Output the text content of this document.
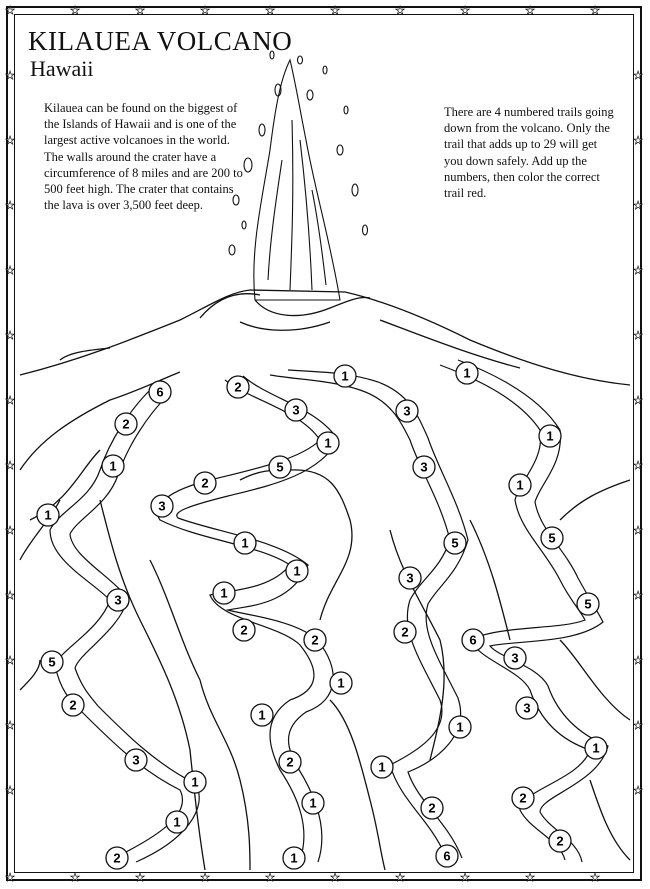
★
★
★
★
★
★
★
★
★
★
★
★
★
★
★
★
★
★
★
★
★	★
★	★
★	★
★	★
★	★
★	★
★	★
★	★
★	★
★	★
★	★
★	★
6
2
1
1
3
5
2
3
1
1
2
2
3
1
5
2
3
1
1
1
2
2
1
1
2
1
1
1
3
3
5
3
2
1
1
2
6
1
1
1
5
5
6
3
3
1
2
2
KILAUEA VOLCANO
Hawaii
Kilauea can be found on the biggest of the Islands of Hawaii and is one of the largest active volcanoes in the world. The walls around the crater have a circumference of 8 miles and are 200 to 500 feet high. The crater that contains the lava is over 3,500 feet deep.
There are 4 numbered trails going down from the volcano. Only the trail that adds up to 29 will get you down safely. Add up the numbers, then color the correct trail red.
